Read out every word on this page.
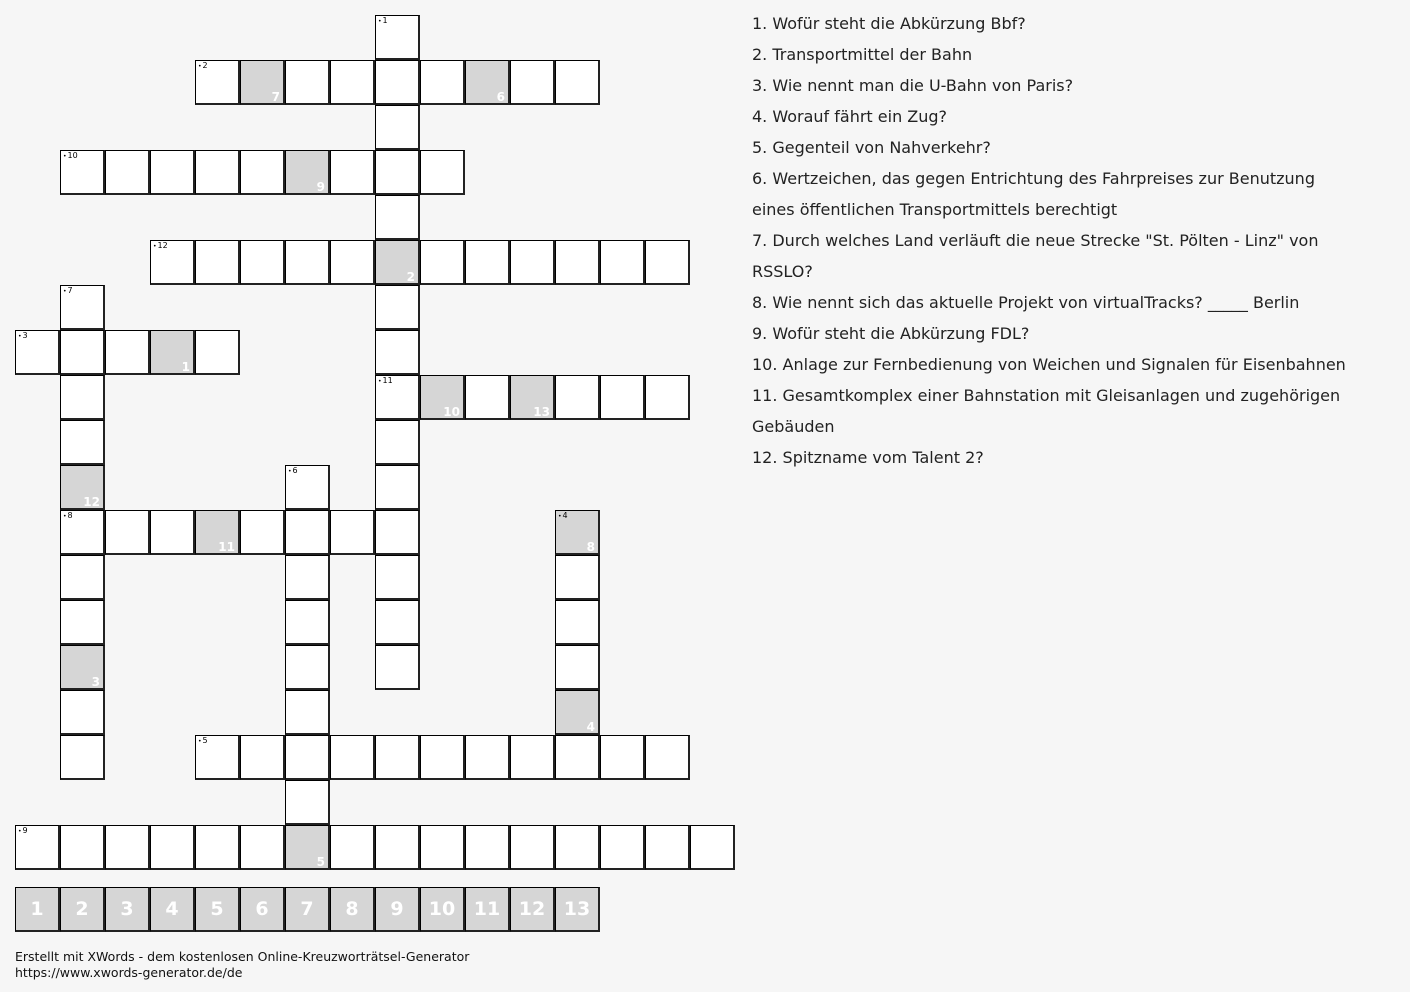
• 1
2
• 11
• 2
7	6
• 10
9
• 12
• 7
12
• 8
3
• 3
1
10	13
• 6
11
• 4
8
4
• 5
• 9
5
1	2	3	4	5	6	7	8	9	10 11 12 13
1. Wofür steht die Abkürzung Bbf?
2. Transportmittel der Bahn
3. Wie nennt man die U-Bahn von Paris?
4. Worauf fährt ein Zug?
5. Gegenteil von Nahverkehr?
6. Wertzeichen, das gegen Entrichtung des Fahrpreises zur Benutzung eines öffentlichen Transportmittels berechtigt
7. Durch welches Land verläuft die neue Strecke "St. Pölten - Linz" von RSSLO?
8. Wie nennt sich das aktuelle Projekt von virtualTracks? _____ Berlin
9. Wofür steht die Abkürzung FDL?
10. Anlage zur Fernbedienung von Weichen und Signalen für Eisenbahnen
11. Gesamtkomplex einer Bahnstation mit Gleisanlagen und zugehörigen Gebäuden
12. Spitzname vom Talent 2?
Erstellt mit XWords - dem kostenlosen Online-Kreuzworträtsel-Generator
https://www.xwords-generator.de/de
